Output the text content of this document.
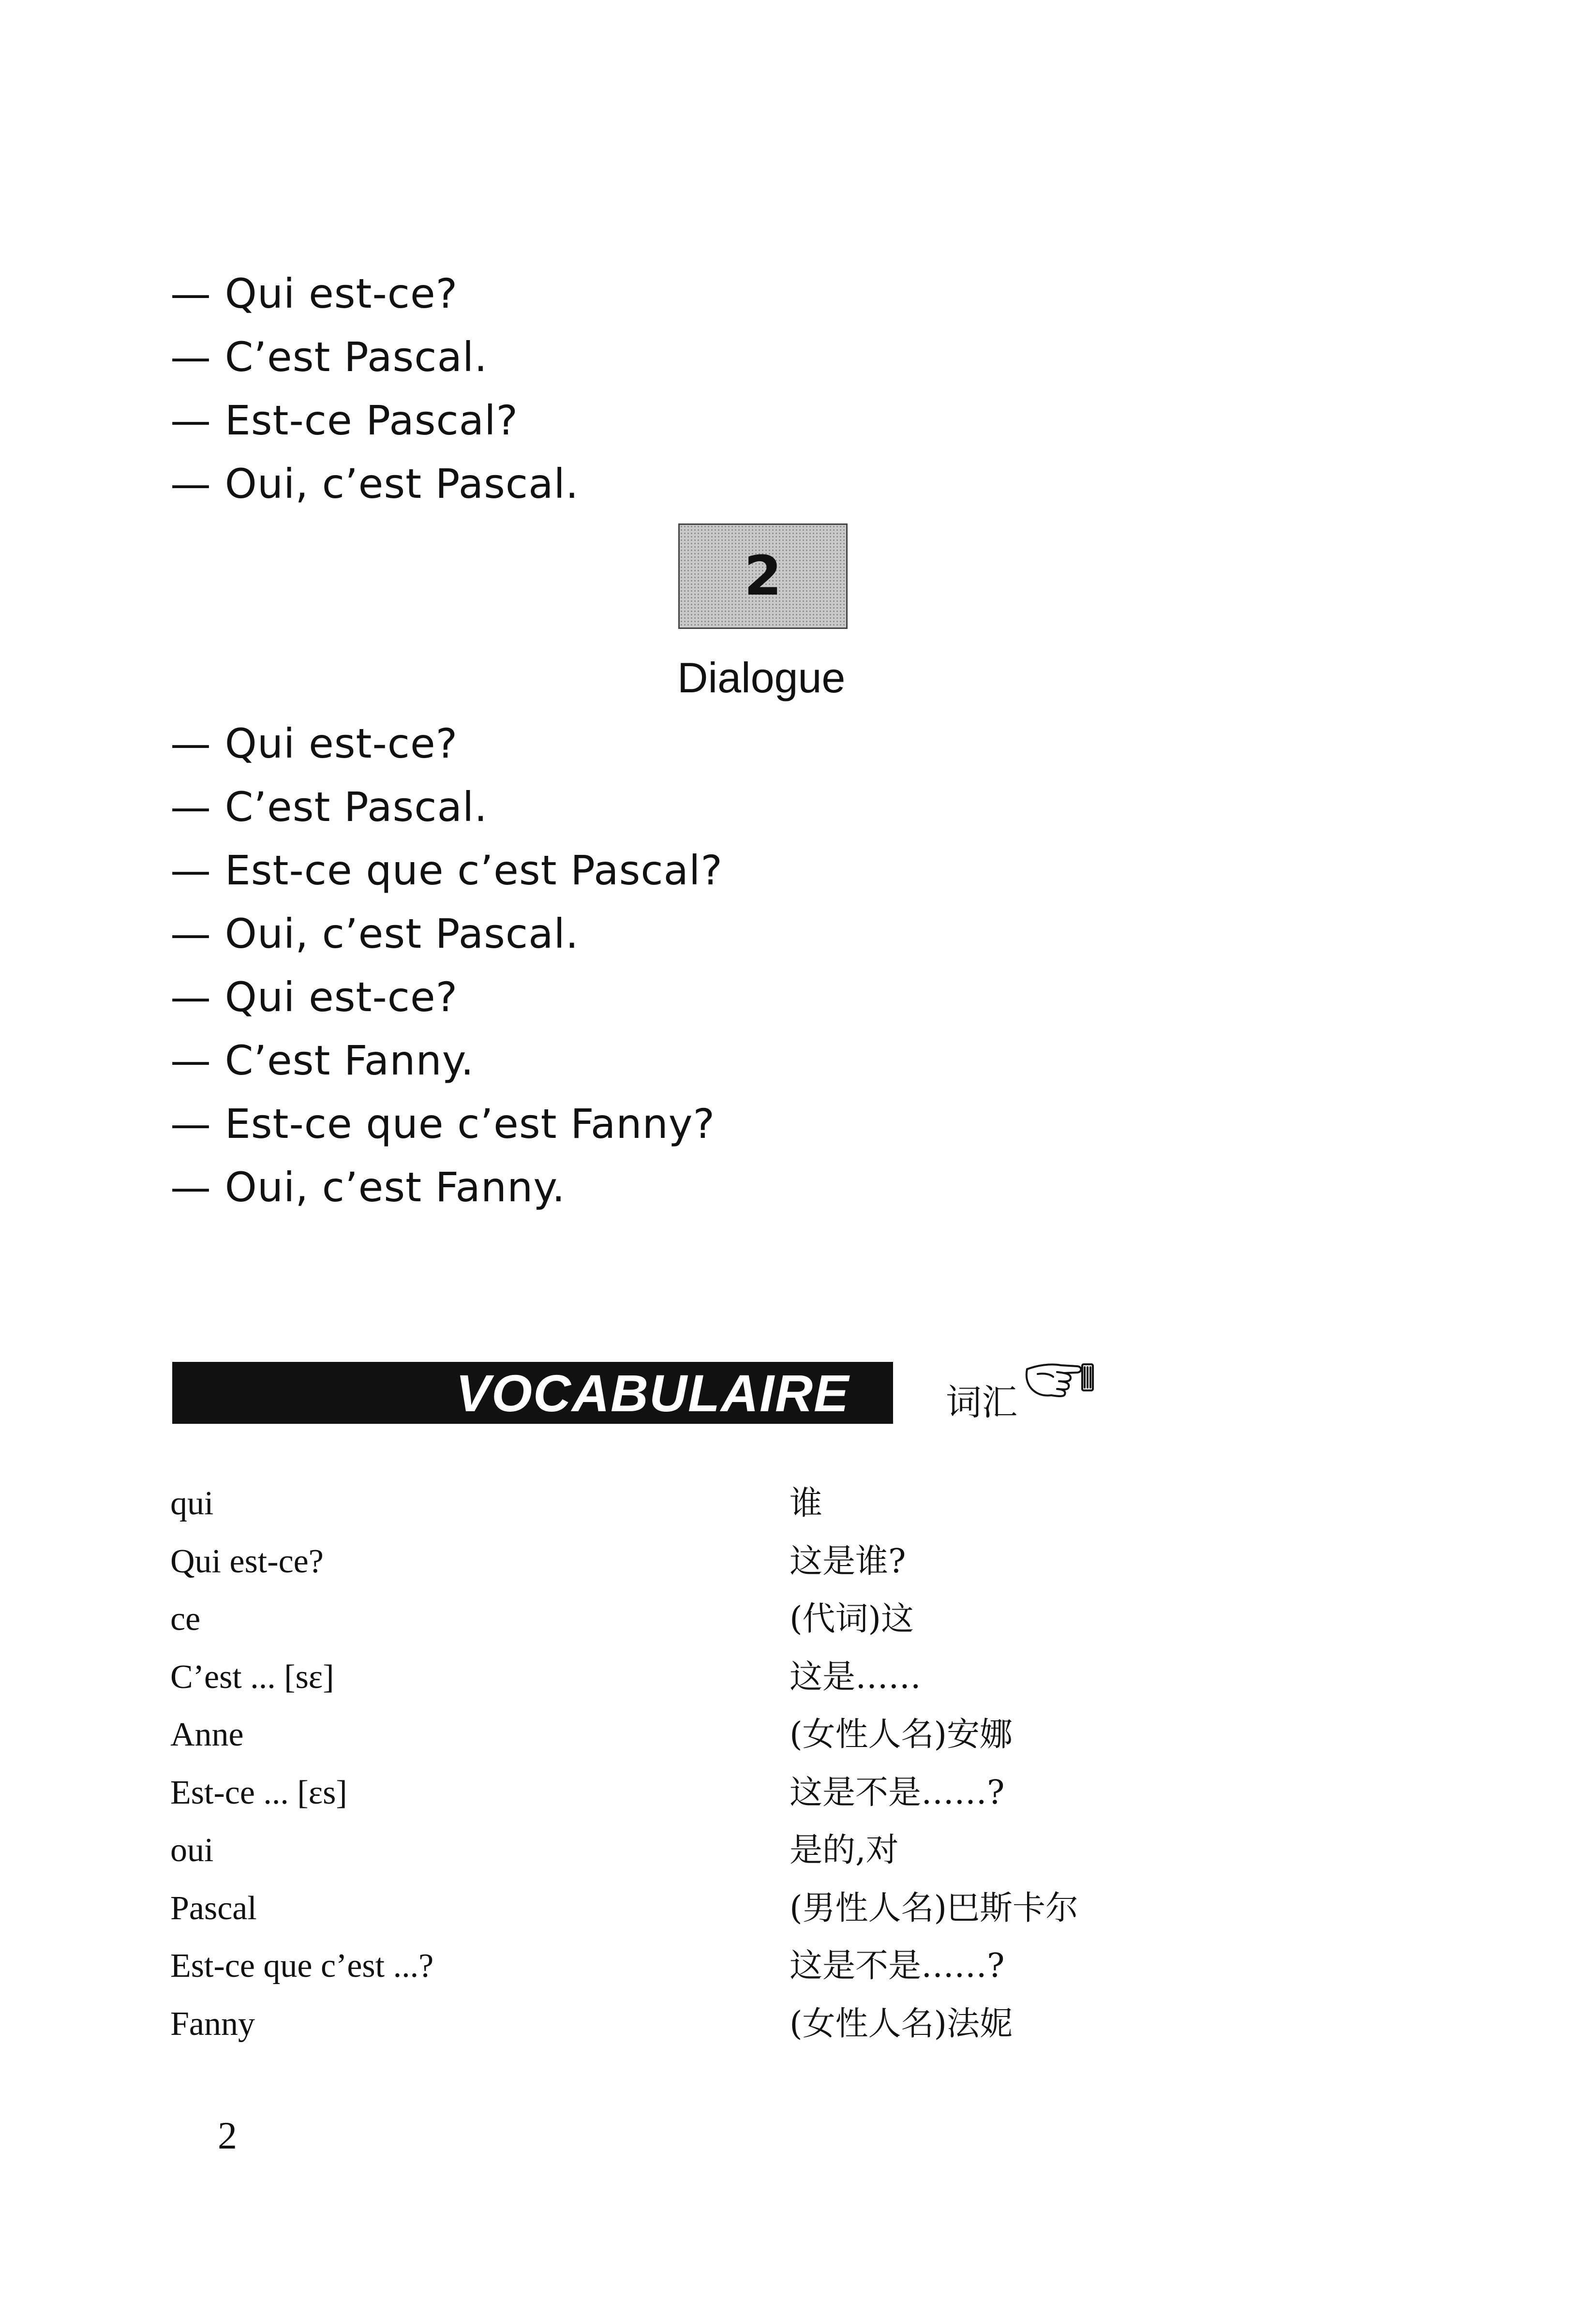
— Qui est-ce?
— C’est Pascal.
— Est-ce Pascal?
— Oui, c’est Pascal.
2
Dialogue
— Qui est-ce?
— C’est Pascal.
— Est-ce que c’est Pascal?
— Oui, c’est Pascal.
— Qui est-ce?
— C’est Fanny.
— Est-ce que c’est Fanny?
— Oui, c’est Fanny.
VOCABULAIRE	词汇
qui	谁
Qui est-ce?	这是谁?
ce	(代词)这
C’est ... [sɛ]	这是……
Anne	(女性人名)安娜
Est-ce ... [ɛs]	这是不是……?
oui	是的,对
Pascal	(男性人名)巴斯卡尔
Est-ce que c’est ...?	这是不是……?
Fanny	(女性人名)法妮
2
